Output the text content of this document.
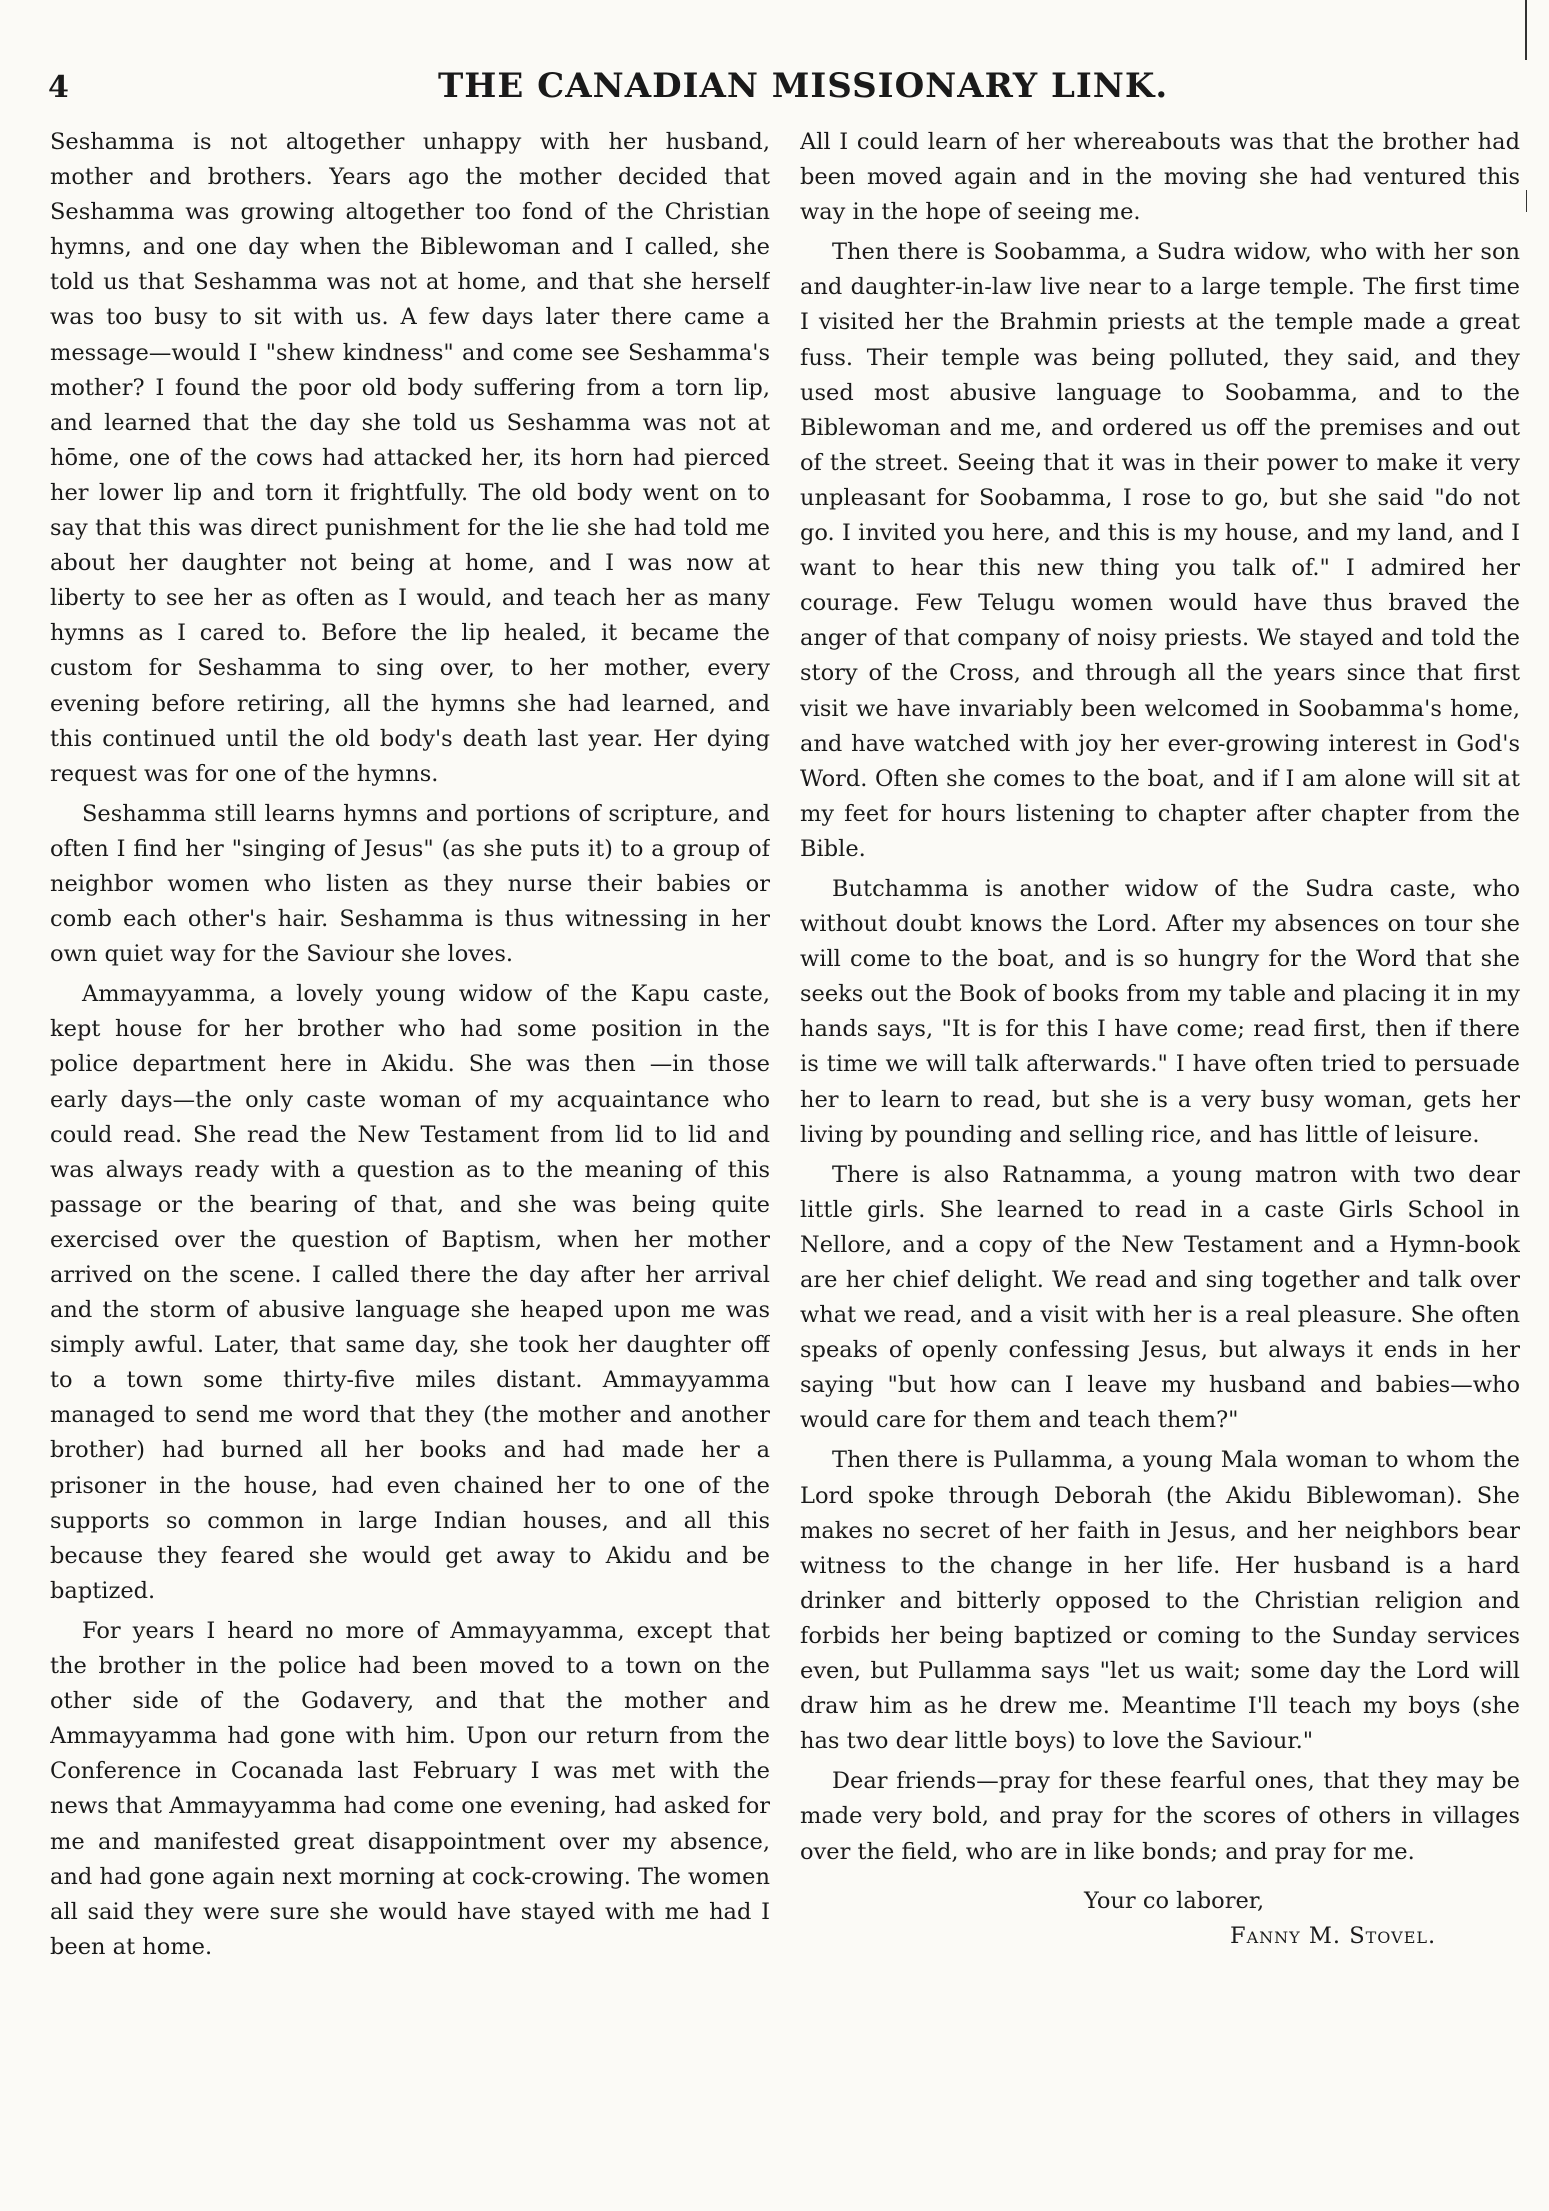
4	THE CANADIAN MISSIONARY LINK.

Seshamma is not altogether unhappy with her husband, mother and brothers. Years ago the mother decided that Seshamma was growing altogether too fond of the Christian hymns, and one day when the Biblewoman and I called, she told us that Seshamma was not at home, and that she herself was too busy to sit with us. A few days later there came a message—would I "shew kindness" and come see Seshamma's mother? I found the poor old body suffering from a torn lip, and learned that the day she told us Seshamma was not at hōme, one of the cows had attacked her, its horn had pierced her lower lip and torn it frightfully. The old body went on to say that this was direct punishment for the lie she had told me about her daughter not being at home, and I was now at liberty to see her as often as I would, and teach her as many hymns as I cared to. Before the lip healed, it became the custom for Seshamma to sing over, to her mother, every evening before retiring, all the hymns she had learned, and this continued until the old body's death last year. Her dying request was for one of the hymns.

Seshamma still learns hymns and portions of scripture, and often I find her "singing of Jesus" (as she puts it) to a group of neighbor women who listen as they nurse their babies or comb each other's hair. Seshamma is thus witnessing in her own quiet way for the Saviour she loves.

Ammayyamma, a lovely young widow of the Kapu caste, kept house for her brother who had some position in the police department here in Akidu. She was then —in those early days—the only caste woman of my acquaintance who could read. She read the New Testament from lid to lid and was always ready with a question as to the meaning of this passage or the bearing of that, and she was being quite exercised over the question of Baptism, when her mother arrived on the scene. I called there the day after her arrival and the storm of abusive language she heaped upon me was simply awful. Later, that same day, she took her daughter off to a town some thirty-five miles distant. Ammayyamma managed to send me word that they (the mother and another brother) had burned all her books and had made her a prisoner in the house, had even chained her to one of the supports so common in large Indian houses, and all this because they feared she would get away to Akidu and be baptized.

For years I heard no more of Ammayyamma, except that the brother in the police had been moved to a town on the other side of the Godavery, and that the mother and Ammayyamma had gone with him. Upon our return from the Conference in Cocanada last February I was met with the news that Ammayyamma had come one evening, had asked for me and manifested great disappointment over my absence, and had gone again next morning at cock-crowing. The women all said they were sure she would have stayed with me had I been at home.

All I could learn of her whereabouts was that the brother had been moved again and in the moving she had ventured this way in the hope of seeing me.

Then there is Soobamma, a Sudra widow, who with her son and daughter-in-law live near to a large temple. The first time I visited her the Brahmin priests at the temple made a great fuss. Their temple was being polluted, they said, and they used most abusive language to Soobamma, and to the Biblewoman and me, and ordered us off the premises and out of the street. Seeing that it was in their power to make it very unpleasant for Soobamma, I rose to go, but she said "do not go. I invited you here, and this is my house, and my land, and I want to hear this new thing you talk of." I admired her courage. Few Telugu women would have thus braved the anger of that company of noisy priests. We stayed and told the story of the Cross, and through all the years since that first visit we have invariably been welcomed in Soobamma's home, and have watched with joy her ever-growing interest in God's Word. Often she comes to the boat, and if I am alone will sit at my feet for hours listening to chapter after chapter from the Bible.

Butchamma is another widow of the Sudra caste, who without doubt knows the Lord. After my absences on tour she will come to the boat, and is so hungry for the Word that she seeks out the Book of books from my table and placing it in my hands says, "It is for this I have come; read first, then if there is time we will talk afterwards." I have often tried to persuade her to learn to read, but she is a very busy woman, gets her living by pounding and selling rice, and has little of leisure.

There is also Ratnamma, a young matron with two dear little girls. She learned to read in a caste Girls School in Nellore, and a copy of the New Testament and a Hymn-book are her chief delight. We read and sing together and talk over what we read, and a visit with her is a real pleasure. She often speaks of openly confessing Jesus, but always it ends in her saying "but how can I leave my husband and babies—who would care for them and teach them?"

Then there is Pullamma, a young Mala woman to whom the Lord spoke through Deborah (the Akidu Biblewoman). She makes no secret of her faith in Jesus, and her neighbors bear witness to the change in her life. Her husband is a hard drinker and bitterly opposed to the Christian religion and forbids her being baptized or coming to the Sunday services even, but Pullamma says "let us wait; some day the Lord will draw him as he drew me. Meantime I'll teach my boys (she has two dear little boys) to love the Saviour."

Dear friends—pray for these fearful ones, that they may be made very bold, and pray for the scores of others in villages over the field, who are in like bonds; and pray for me.

Your co laborer,
Fanny M. Stovel.
